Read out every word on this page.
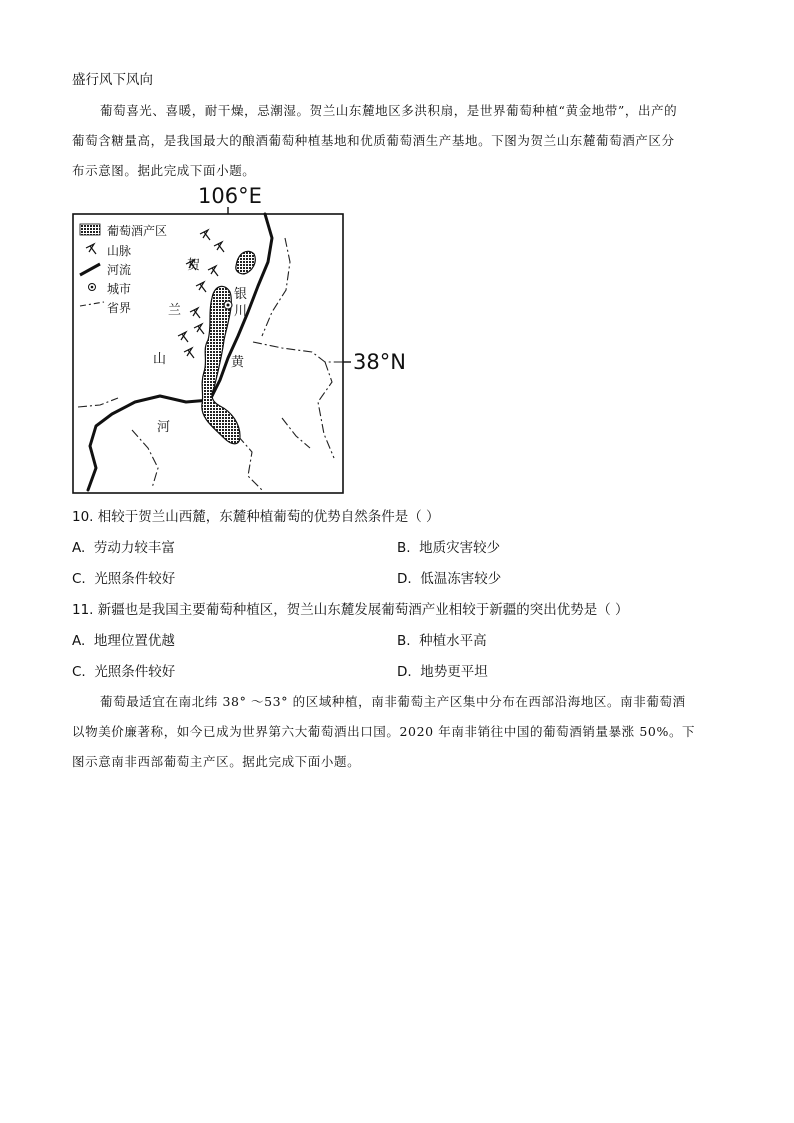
盛行风下风向
葡萄喜光、喜暖，耐干燥，忌潮湿。贺兰山东麓地区多洪积扇，是世界葡萄种植“黄金地带”，出产的
葡萄含糖量高，是我国最大的酿酒葡萄种植基地和优质葡萄酒生产基地。下图为贺兰山东麓葡萄酒产区分
布示意图。据此完成下面小题。
106°E
38°N
葡萄酒产区
山脉
河流
城市
省界
贺
兰
山
银
川
黄
河
10. 相较于贺兰山西麓，东麓种植葡萄的优势自然条件是（ ）
A. 劳动力较丰富	B. 地质灾害较少
C. 光照条件较好	D. 低温冻害较少
11. 新疆也是我国主要葡萄种植区，贺兰山东麓发展葡萄酒产业相较于新疆的突出优势是（ ）
A. 地理位置优越	B. 种植水平高
C. 光照条件较好	D. 地势更平坦
葡萄最适宜在南北纬 38° ～53° 的区域种植，南非葡萄主产区集中分布在西部沿海地区。南非葡萄酒
以物美价廉著称，如今已成为世界第六大葡萄酒出口国。2020 年南非销往中国的葡萄酒销量暴涨 50%。下
图示意南非西部葡萄主产区。据此完成下面小题。
